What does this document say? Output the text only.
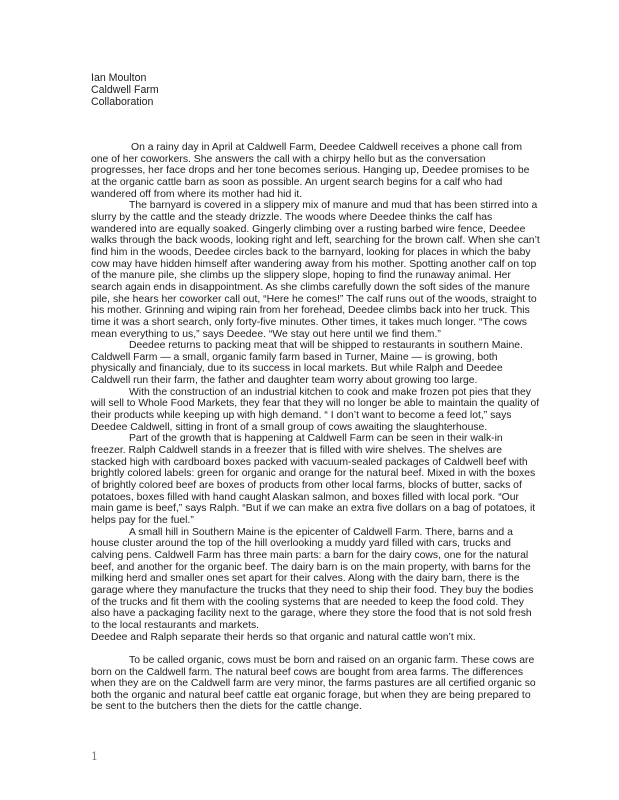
Ian Moulton
Caldwell Farm
Collaboration
On a rainy day in April at Caldwell Farm, Deedee Caldwell receives a phone call from
one of her coworkers. She answers the call with a chirpy hello but as the conversation
progresses, her face drops and her tone becomes serious. Hanging up, Deedee promises to be
at the organic cattle barn as soon as possible. An urgent search begins for a calf who had
wandered off from where its mother had hid it.
The barnyard is covered in a slippery mix of manure and mud that has been stirred into a
slurry by the cattle and the steady drizzle. The woods where Deedee thinks the calf has
wandered into are equally soaked. Gingerly climbing over a rusting barbed wire fence, Deedee
walks through the back woods, looking right and left, searching for the brown calf. When she can’t
find him in the woods, Deedee circles back to the barnyard, looking for places in which the baby
cow may have hidden himself after wandering away from his mother. Spotting another calf on top
of the manure pile, she climbs up the slippery slope, hoping to find the runaway animal. Her
search again ends in disappointment. As she climbs carefully down the soft sides of the manure
pile, she hears her coworker call out, “Here he comes!” The calf runs out of the woods, straight to
his mother. Grinning and wiping rain from her forehead, Deedee climbs back into her truck. This
time it was a short search, only forty-five minutes. Other times, it takes much longer. “The cows
mean everything to us,” says Deedee. “We stay out here until we find them.”
Deedee returns to packing meat that will be shipped to restaurants in southern Maine.
Caldwell Farm — a small, organic family farm based in Turner, Maine — is growing, both
physically and financialy, due to its success in local markets. But while Ralph and Deedee
Caldwell run their farm, the father and daughter team worry about growing too large.
With the construction of an industrial kitchen to cook and make frozen pot pies that they
will sell to Whole Food Markets, they fear that they will no longer be able to maintain the quality of
their products while keeping up with high demand. “ I don’t want to become a feed lot,” says
Deedee Caldwell, sitting in front of a small group of cows awaiting the slaughterhouse.
Part of the growth that is happening at Caldwell Farm can be seen in their walk-in
freezer. Ralph Caldwell stands in a freezer that is filled with wire shelves. The shelves are
stacked high with cardboard boxes packed with vacuum-sealed packages of Caldwell beef with
brightly colored labels: green for organic and orange for the natural beef. Mixed in with the boxes
of brightly colored beef are boxes of products from other local farms, blocks of butter, sacks of
potatoes, boxes filled with hand caught Alaskan salmon, and boxes filled with local pork. “Our
main game is beef,” says Ralph. “But if we can make an extra five dollars on a bag of potatoes, it
helps pay for the fuel.”
A small hill in Southern Maine is the epicenter of Caldwell Farm. There, barns and a
house cluster around the top of the hill overlooking a muddy yard filled with cars, trucks and
calving pens. Caldwell Farm has three main parts: a barn for the dairy cows, one for the natural
beef, and another for the organic beef. The dairy barn is on the main property, with barns for the
milking herd and smaller ones set apart for their calves. Along with the dairy barn, there is the
garage where they manufacture the trucks that they need to ship their food. They buy the bodies
of the trucks and fit them with the cooling systems that are needed to keep the food cold. They
also have a packaging facility next to the garage, where they store the food that is not sold fresh
to the local restaurants and markets.
Deedee and Ralph separate their herds so that organic and natural cattle won’t mix.
To be called organic, cows must be born and raised on an organic farm. These cows are
born on the Caldwell farm. The natural beef cows are bought from area farms. The differences
when they are on the Caldwell farm are very minor, the farms pastures are all certified organic so
both the organic and natural beef cattle eat organic forage, but when they are being prepared to
be sent to the butchers then the diets for the cattle change.
1
